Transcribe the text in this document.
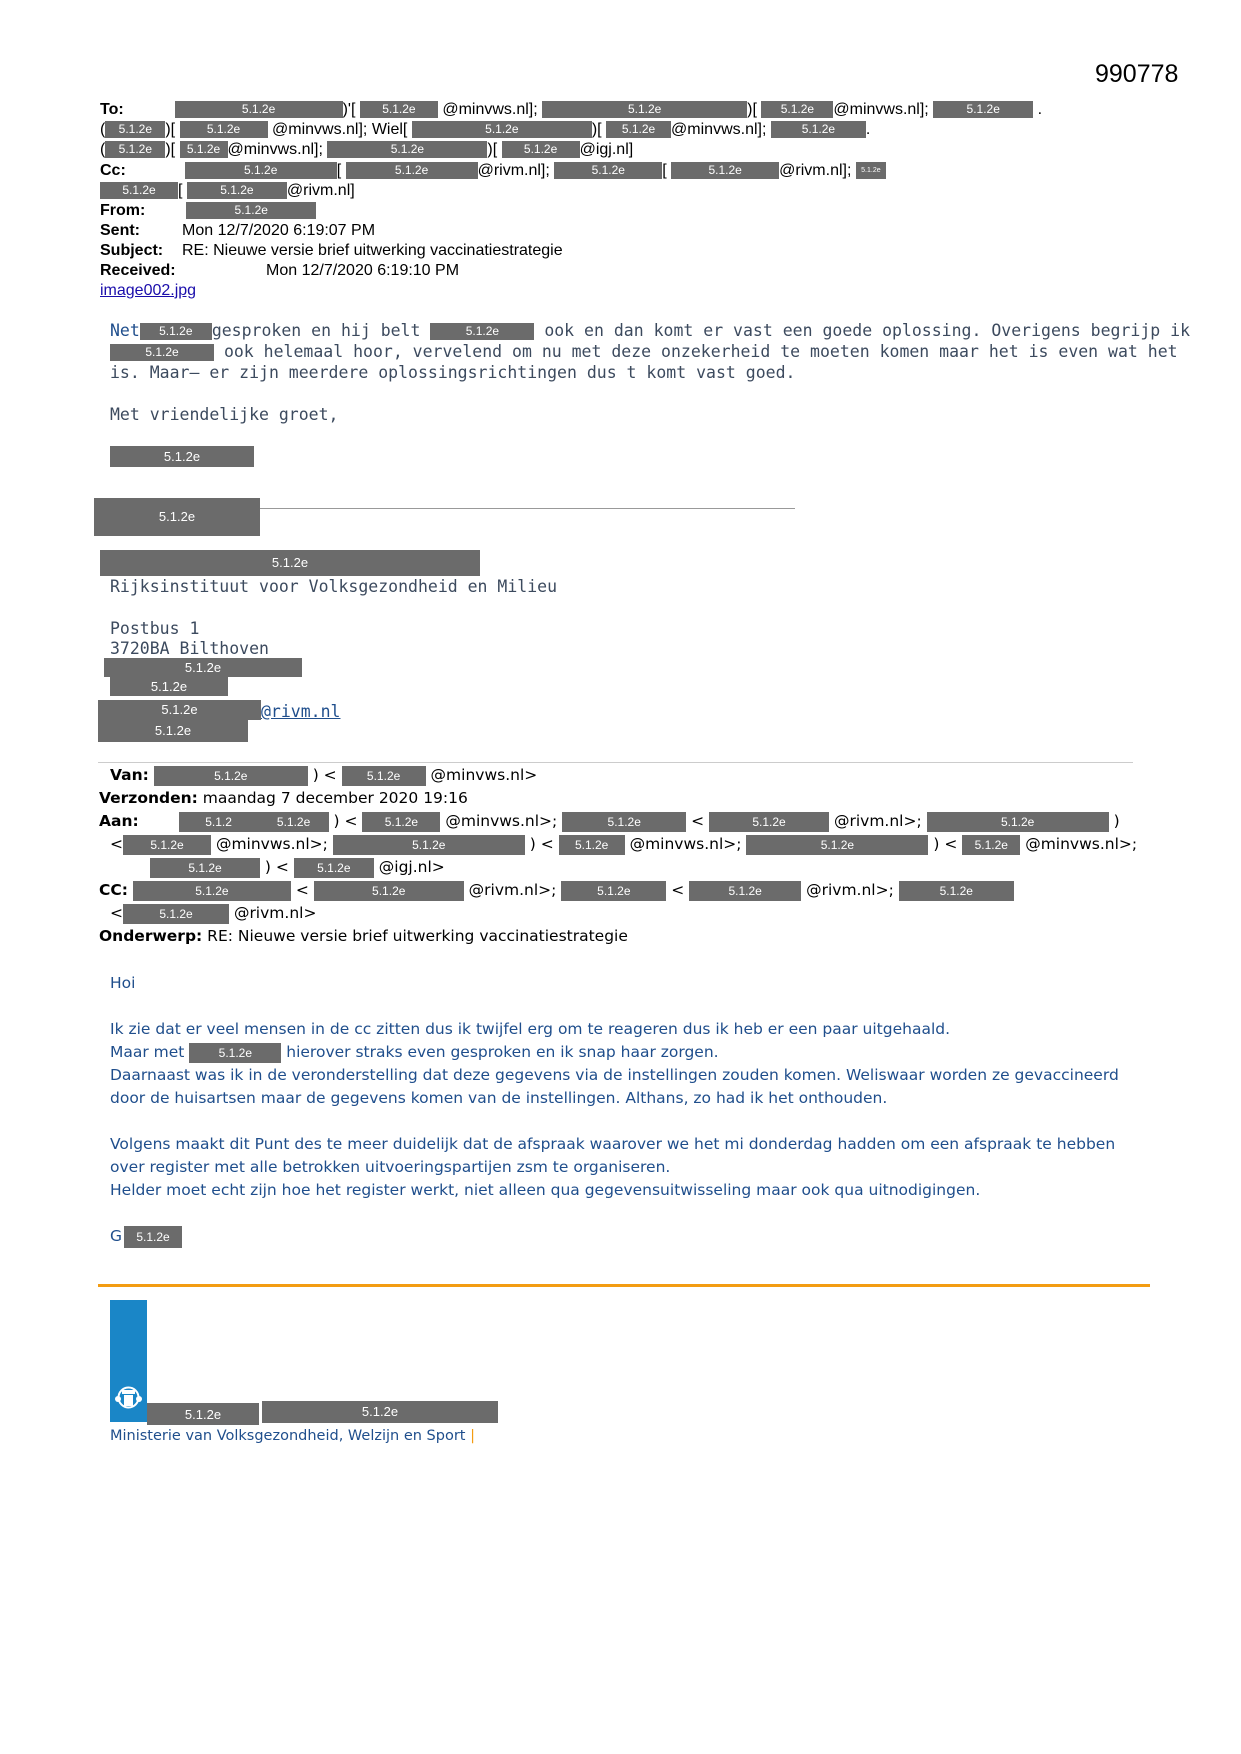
990778
To:	5.1.2e	)'[ 5.1.2e @minvws.nl];	5.1.2e	)[ 5.1.2e @minvws.nl];	5.1.2e .
( 5.1.2e )[ 5.1.2e @minvws.nl]; Wiel[	5.1.2e	)[ 5.1.2e @minvws.nl];	5.1.2e .
( 5.1.2e )[ 5.1.2e @minvws.nl];	5.1.2e	)[ 5.1.2e @igj.nl]
Cc:	5.1.2e	[	5.1.2e	@rivm.nl];	5.1.2e [	5.1.2e @rivm.nl]; 5.1.2e
5.1.2e [	5.1.2e @rivm.nl]
From:	5.1.2e
Sent:	Mon 12/7/2020 6:19:07 PM
Subject: RE: Nieuwe versie brief uitwerking vaccinatiestrategie
Received:	Mon 12/7/2020 6:19:10 PM
image002.jpg
Net 5.1.2e gesproken en hij belt	5.1.2e	ook en dan komt er vast een goede oplossing. Overigens begrijp ik
5.1.2e	ook helemaal hoor, vervelend om nu met deze onzekerheid te moeten komen maar het is even wat het
is. Maar– er zijn meerdere oplossingsrichtingen dus t komt vast goed.
Met vriendelijke groet,
5.1.2e
5.1.2e
5.1.2e
Rijksinstituut voor Volksgezondheid en Milieu
Postbus 1
3720BA Bilthoven
5.1.2e
5.1.2e
5.1.2e	@rivm.nl
5.1.2e
Van:	5.1.2e	) < 5.1.2e @minvws.nl>
Verzonden: maandag 7 december 2020 19:16
Aan:	5.1.2	5.1.2e ) < 5.1.2e @minvws.nl>;	5.1.2e	<	5.1.2e	@rivm.nl>;	5.1.2e	)
< 5.1.2e @minvws.nl>;	5.1.2e	) < 5.1.2e @minvws.nl>;	5.1.2e	) < 5.1.2e @minvws.nl>;
5.1.2e ) < 5.1.2e @igj.nl>
CC:	5.1.2e	<	5.1.2e	@rivm.nl>;	5.1.2e <	5.1.2e	@rivm.nl>;	5.1.2e
<	5.1.2e	@rivm.nl>
Onderwerp: RE: Nieuwe versie brief uitwerking vaccinatiestrategie
Hoi
Ik zie dat er veel mensen in de cc zitten dus ik twijfel erg om te reageren dus ik heb er een paar uitgehaald.
Maar met	5.1.2e hierover straks even gesproken en ik snap haar zorgen.
Daarnaast was ik in de veronderstelling dat deze gegevens via de instellingen zouden komen. Weliswaar worden ze gevaccineerd
door de huisartsen maar de gegevens komen van de instellingen. Althans, zo had ik het onthouden.
Volgens maakt dit Punt des te meer duidelijk dat de afspraak waarover we het mi donderdag hadden om een afspraak te hebben
over register met alle betrokken uitvoeringspartijen zsm te organiseren.
Helder moet echt zijn hoe het register werkt, niet alleen qua gegevensuitwisseling maar ook qua uitnodigingen.
G 5.1.2e
5.1.2e	5.1.2e
Ministerie van Volksgezondheid, Welzijn en Sport |
